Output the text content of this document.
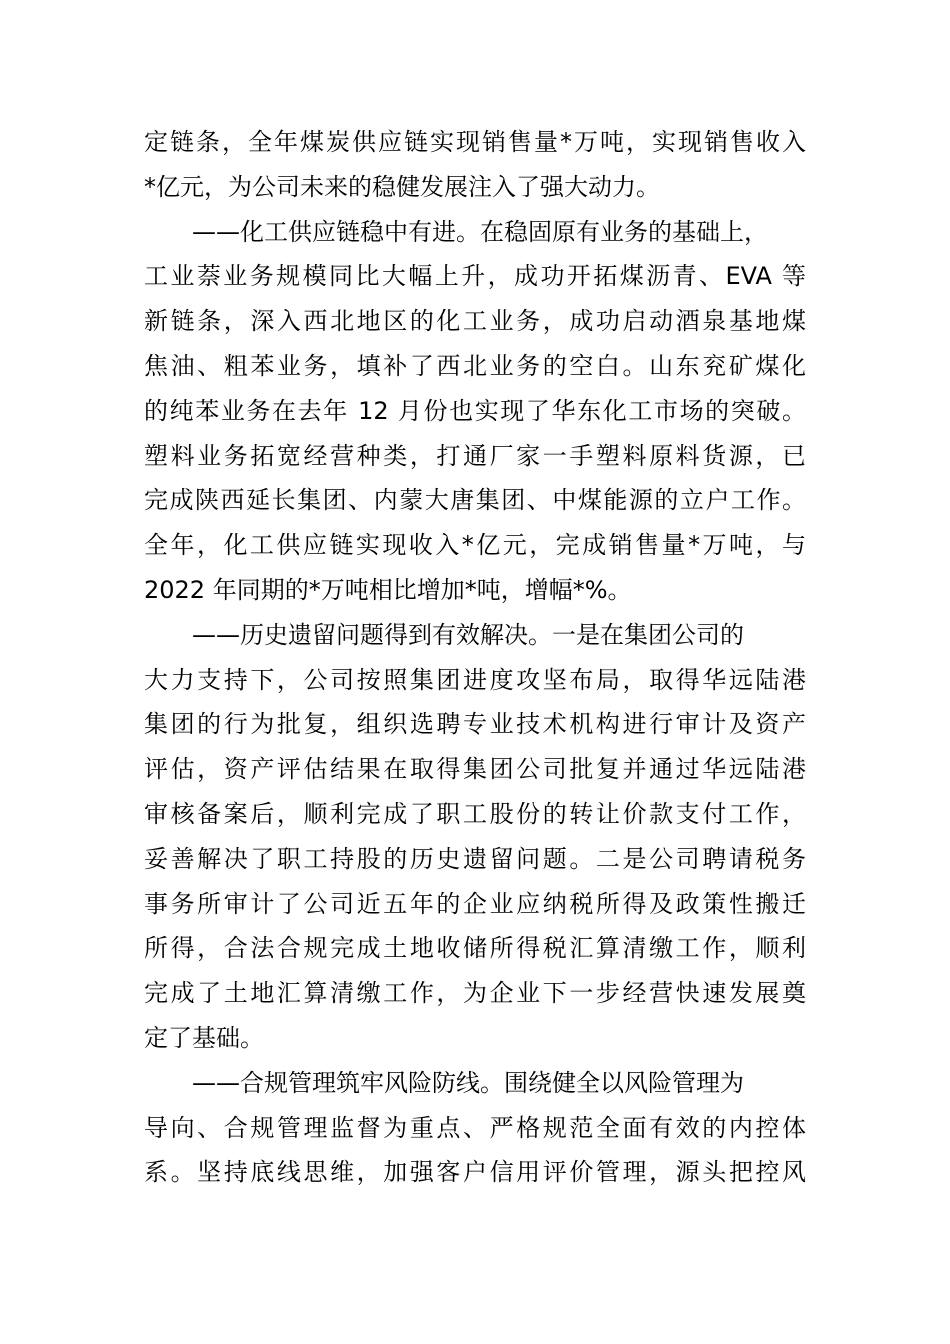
定链条，全年煤炭供应链实现销售量*万吨，实现销售收入
*亿元，为公司未来的稳健发展注入了强大动力。
——化工供应链稳中有进。在稳固原有业务的基础上，
工业萘业务规模同比大幅上升，成功开拓煤沥青、EVA 等
新链条，深入西北地区的化工业务，成功启动酒泉基地煤
焦油、粗苯业务，填补了西北业务的空白。山东兖矿煤化
的纯苯业务在去年 12 月份也实现了华东化工市场的突破。
塑料业务拓宽经营种类，打通厂家一手塑料原料货源，已
完成陕西延长集团、内蒙大唐集团、中煤能源的立户工作。
全年，化工供应链实现收入*亿元，完成销售量*万吨，与
2022 年同期的*万吨相比增加*吨，增幅*%。
——历史遗留问题得到有效解决。一是在集团公司的
大力支持下，公司按照集团进度攻坚布局，取得华远陆港
集团的行为批复，组织选聘专业技术机构进行审计及资产
评估，资产评估结果在取得集团公司批复并通过华远陆港
审核备案后，顺利完成了职工股份的转让价款支付工作，
妥善解决了职工持股的历史遗留问题。二是公司聘请税务
事务所审计了公司近五年的企业应纳税所得及政策性搬迁
所得，合法合规完成土地收储所得税汇算清缴工作，顺利
完成了土地汇算清缴工作，为企业下一步经营快速发展奠
定了基础。
——合规管理筑牢风险防线。围绕健全以风险管理为
导向、合规管理监督为重点、严格规范全面有效的内控体
系。坚持底线思维，加强客户信用评价管理，源头把控风
